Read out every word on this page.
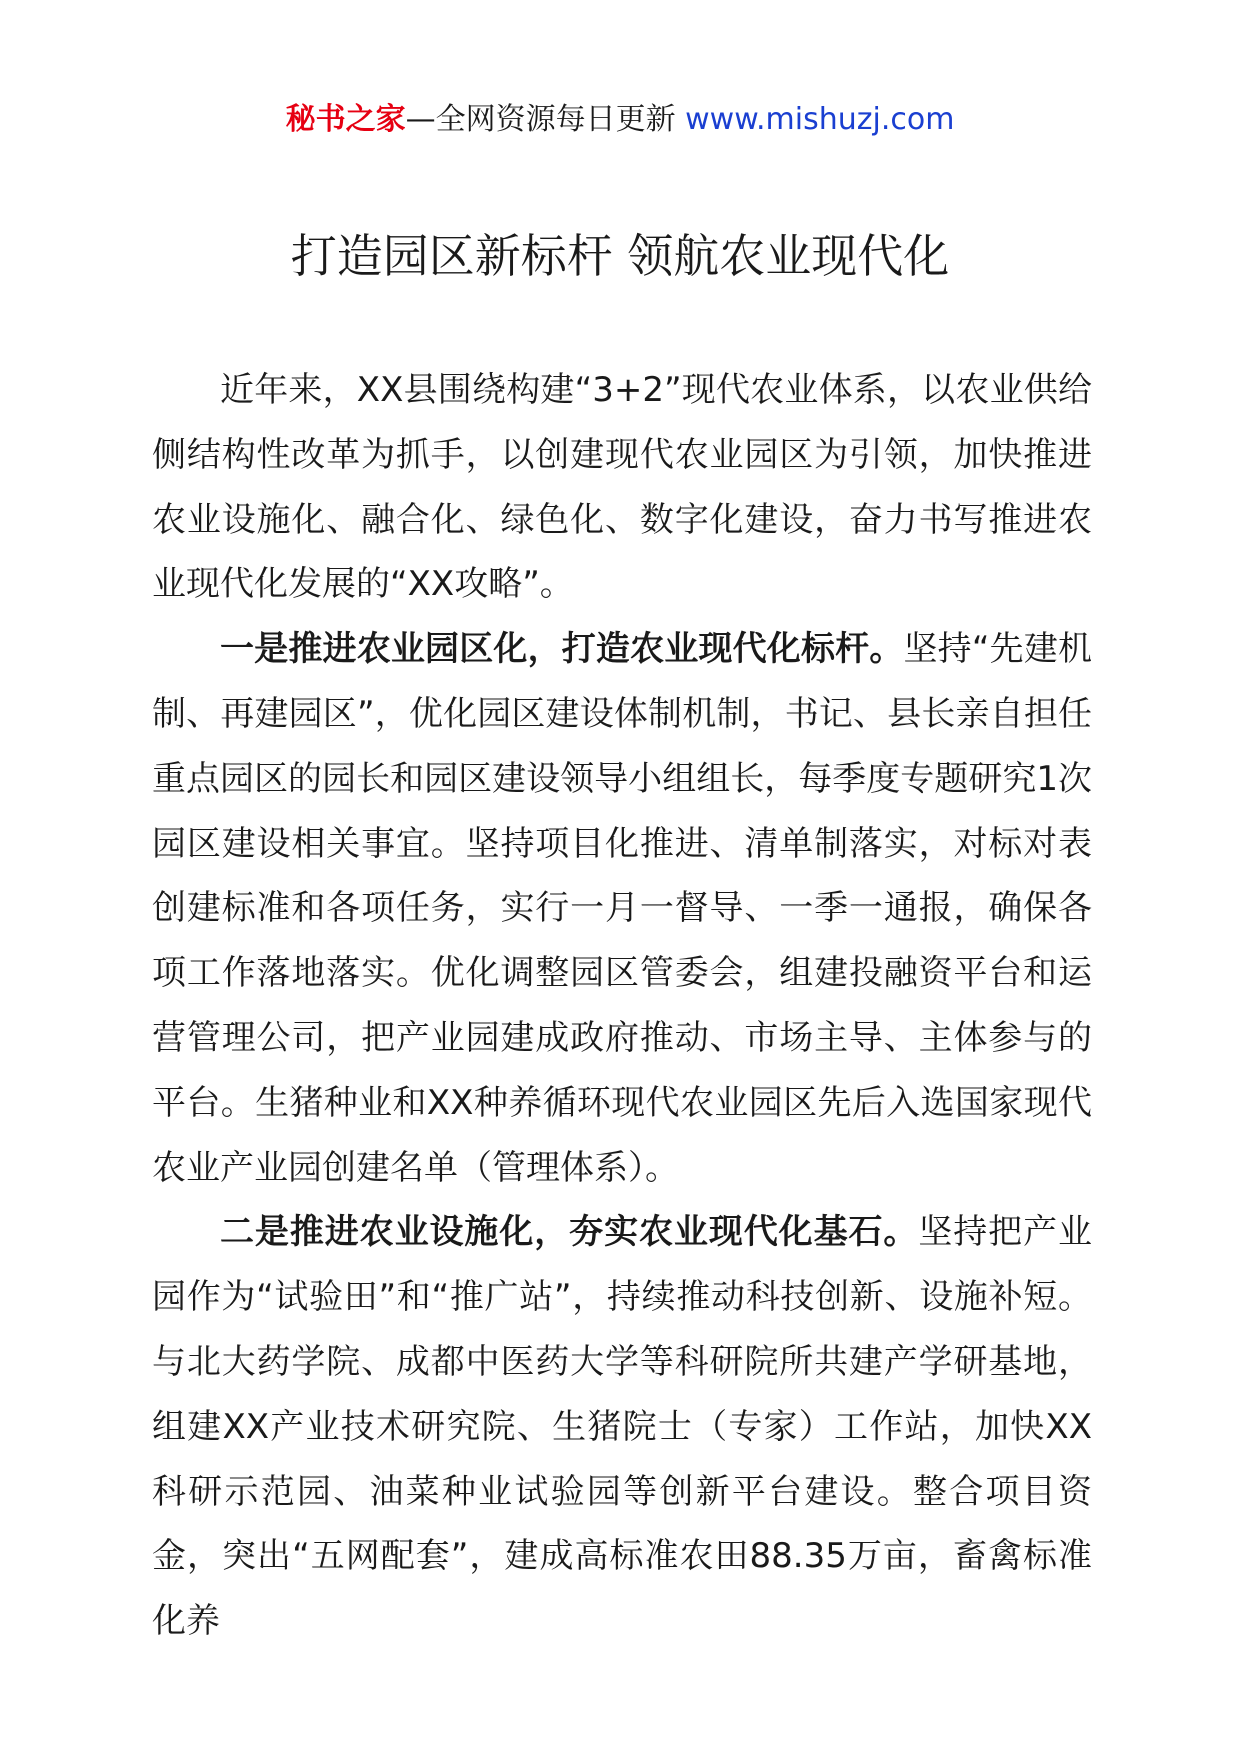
秘书之家—全网资源每日更新 www.mishuzj.com
打造园区新标杆 领航农业现代化

近年来，XX县围绕构建“3+2”现代农业体系，以农业供给侧结构性改革为抓手，以创建现代农业园区为引领，加快推进农业设施化、融合化、绿色化、数字化建设，奋力书写推进农业现代化发展的“XX攻略”。

一是推进农业园区化，打造农业现代化标杆。坚持“先建机制、再建园区”，优化园区建设体制机制，书记、县长亲自担任重点园区的园长和园区建设领导小组组长，每季度专题研究1次园区建设相关事宜。坚持项目化推进、清单制落实，对标对表创建标准和各项任务，实行一月一督导、一季一通报，确保各项工作落地落实。优化调整园区管委会，组建投融资平台和运营管理公司，把产业园建成政府推动、市场主导、主体参与的平台。生猪种业和XX种养循环现代农业园区先后入选国家现代农业产业园创建名单（管理体系）。

二是推进农业设施化，夯实农业现代化基石。坚持把产业园作为“试验田”和“推广站”，持续推动科技创新、设施补短。与北大药学院、成都中医药大学等科研院所共建产学研基地，组建XX产业技术研究院、生猪院士（专家）工作站，加快XX科研示范园、油菜种业试验园等创新平台建设。整合项目资金，突出“五网配套”，建成高标准农田88.35万亩，畜禽标准化养
